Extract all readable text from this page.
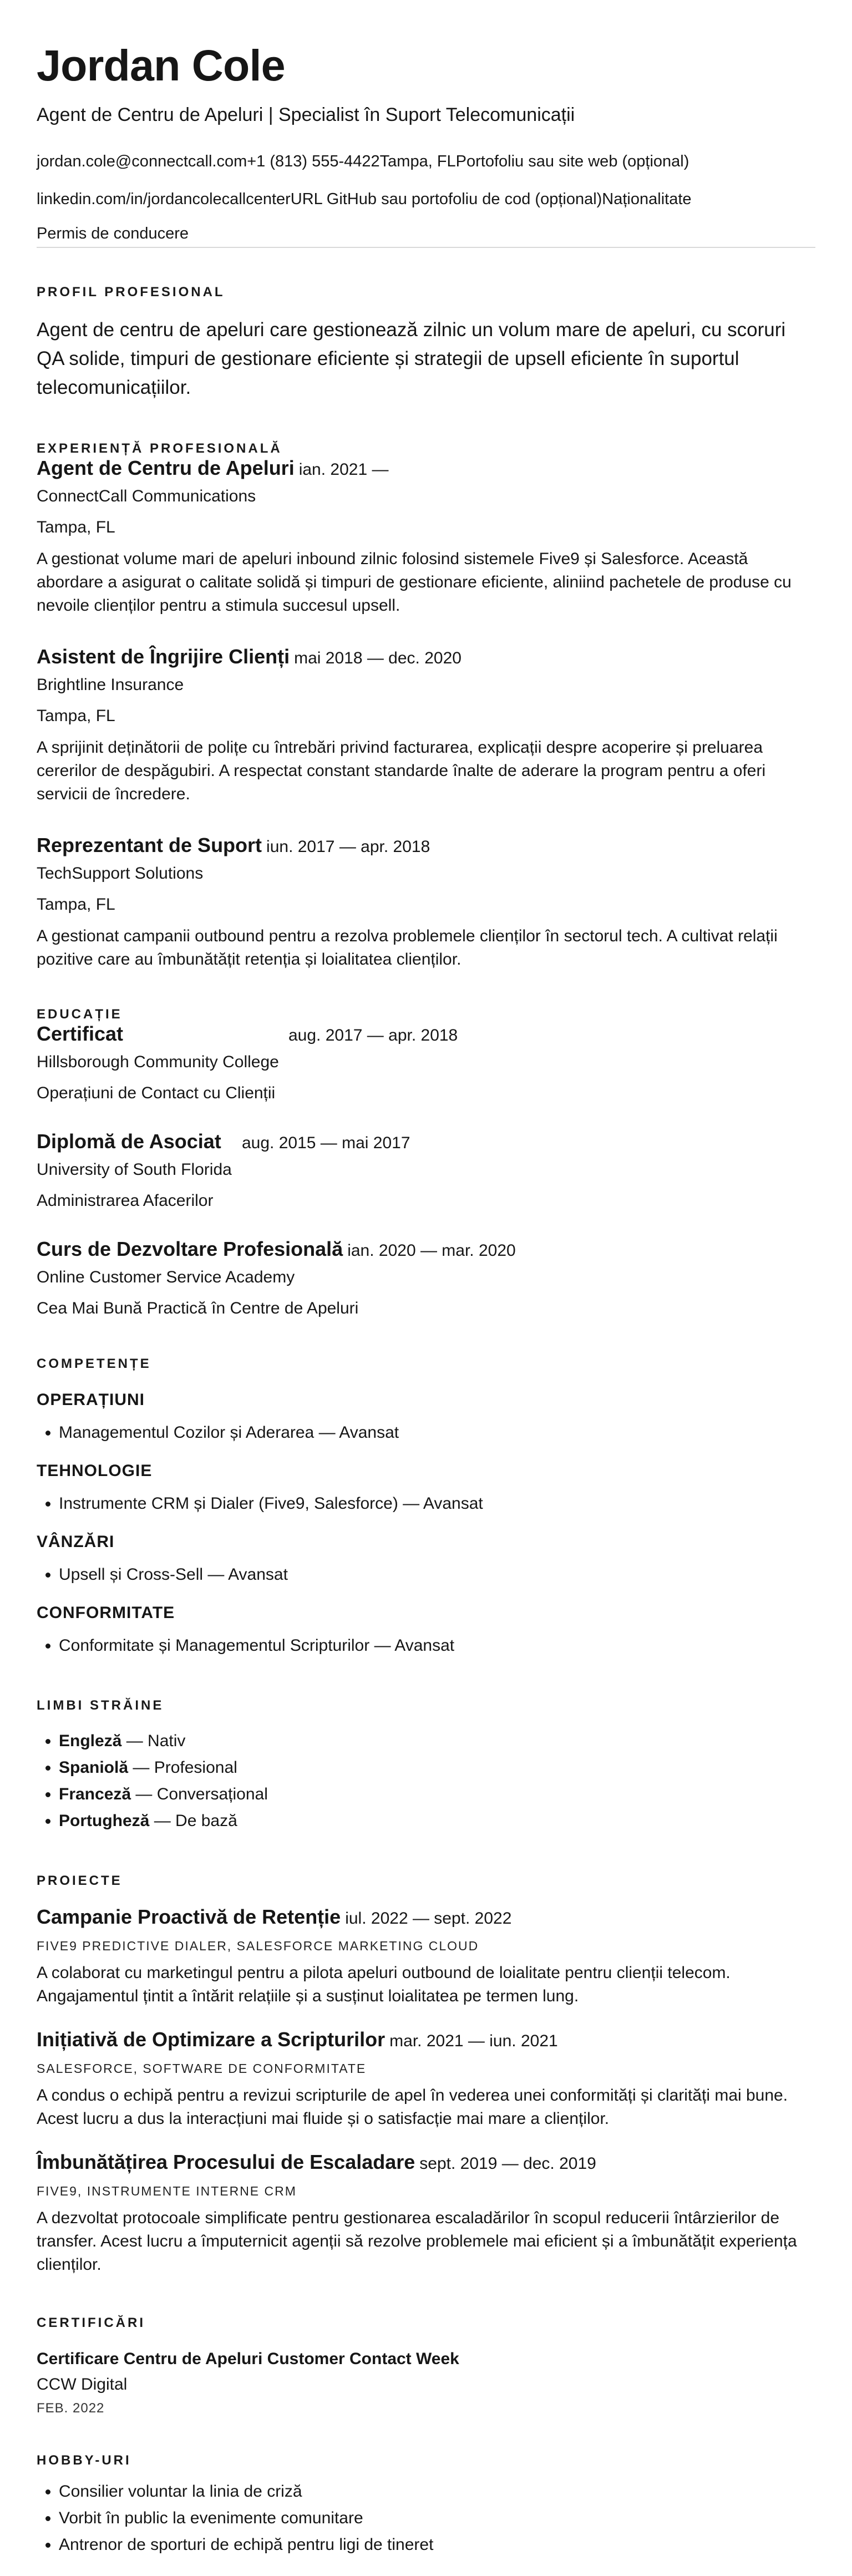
Jordan Cole
Agent de Centru de Apeluri | Specialist în Suport Telecomunicații
jordan.cole@connectcall.com+1 (813) 555-4422Tampa, FLPortofoliu sau site web (opțional)
linkedin.com/in/jordancolecallcenterURL GitHub sau portofoliu de cod (opțional)Naționalitate
Permis de conducere
PROFIL PROFESIONAL
Agent de centru de apeluri care gestionează zilnic un volum mare de apeluri, cu scoruri QA solide, timpuri de gestionare eficiente și strategii de upsell eficiente în suportul telecomunicațiilor.
EXPERIENȚĂ PROFESIONALĂ
Agent de Centru de Apeluri ian. 2021 —
ConnectCall Communications
Tampa, FL
A gestionat volume mari de apeluri inbound zilnic folosind sistemele Five9 și Salesforce. Această abordare a asigurat o calitate solidă și timpuri de gestionare eficiente, aliniind pachetele de produse cu nevoile clienților pentru a stimula succesul upsell.
Asistent de Îngrijire Clienți mai 2018 — dec. 2020
Brightline Insurance
Tampa, FL
A sprijinit deținătorii de polițe cu întrebări privind facturarea, explicații despre acoperire și preluarea cererilor de despăgubiri. A respectat constant standarde înalte de aderare la program pentru a oferi servicii de încredere.
Reprezentant de Suport iun. 2017 — apr. 2018
TechSupport Solutions
Tampa, FL
A gestionat campanii outbound pentru a rezolva problemele clienților în sectorul tech. A cultivat relații pozitive care au îmbunătățit retenția și loialitatea clienților.
EDUCAȚIE
Certificat	aug. 2017 — apr. 2018
Hillsborough Community College
Operațiuni de Contact cu Clienții
Diplomă de Asociat	aug. 2015 — mai 2017
University of South Florida
Administrarea Afacerilor
Curs de Dezvoltare Profesională ian. 2020 — mar. 2020
Online Customer Service Academy
Cea Mai Bună Practică în Centre de Apeluri
COMPETENȚE
OPERAȚIUNI
• Managementul Cozilor și Aderarea — Avansat
TEHNOLOGIE
• Instrumente CRM și Dialer (Five9, Salesforce) — Avansat
VÂNZĂRI
• Upsell și Cross-Sell — Avansat
CONFORMITATE
• Conformitate și Managementul Scripturilor — Avansat
LIMBI STRĂINE
• Engleză — Nativ
• Spaniolă — Profesional
• Franceză — Conversațional
• Portugheză — De bază
PROIECTE
Campanie Proactivă de Retenție iul. 2022 — sept. 2022
FIVE9 PREDICTIVE DIALER, SALESFORCE MARKETING CLOUD
A colaborat cu marketingul pentru a pilota apeluri outbound de loialitate pentru clienții telecom. Angajamentul țintit a întărit relațiile și a susținut loialitatea pe termen lung.
Inițiativă de Optimizare a Scripturilor mar. 2021 — iun. 2021
SALESFORCE, SOFTWARE DE CONFORMITATE
A condus o echipă pentru a revizui scripturile de apel în vederea unei conformități și clarități mai bune. Acest lucru a dus la interacțiuni mai fluide și o satisfacție mai mare a clienților.
Îmbunătățirea Procesului de Escaladare sept. 2019 — dec. 2019
FIVE9, INSTRUMENTE INTERNE CRM
A dezvoltat protocoale simplificate pentru gestionarea escaladărilor în scopul reducerii întârzierilor de transfer. Acest lucru a împuternicit agenții să rezolve problemele mai eficient și a îmbunătățit experiența clienților.
CERTIFICĂRI
Certificare Centru de Apeluri Customer Contact Week
CCW Digital
FEB. 2022
HOBBY-URI
• Consilier voluntar la linia de criză
• Vorbit în public la evenimente comunitare
• Antrenor de sporturi de echipă pentru ligi de tineret
